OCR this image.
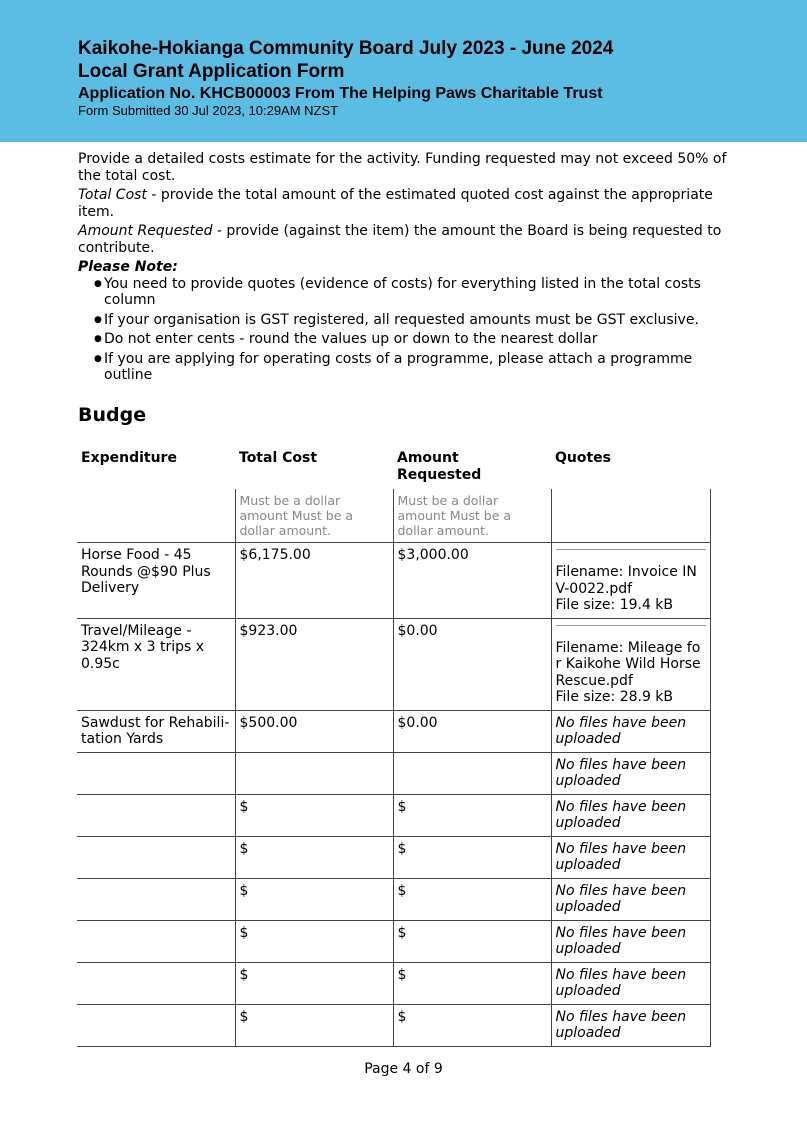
Kaikohe-Hokianga Community Board July 2023 - June 2024
Local Grant Application Form
Application No. KHCB00003 From The Helping Paws Charitable Trust
Form Submitted 30 Jul 2023, 10:29AM NZST

Provide a detailed costs estimate for the activity. Funding requested may not exceed 50% of the total cost.

Total Cost - provide the total amount of the estimated quoted cost against the appropriate item.

Amount Requested - provide (against the item) the amount the Board is being requested to contribute.

Please Note:
● You need to provide quotes (evidence of costs) for everything listed in the total costs column
● If your organisation is GST registered, all requested amounts must be GST exclusive.
● Do not enter cents - round the values up or down to the nearest dollar
● If you are applying for operating costs of a programme, please attach a programme outline
Budge
Expenditure	Total Cost	Amount Requested	Quotes
	Must be a dollar amount Must be a dollar amount.	Must be a dollar amount Must be a dollar amount.	
Horse Food - 45 Rounds @$90 Plus Delivery	$6,175.00	$3,000.00	Filename: Invoice INV-0022.pdf
File size: 19.4 kB

Travel/Mileage - 324km x 3 trips x 0.95c	$923.00	$0.00	Filename: Mileage for Kaikohe Wild Horse Rescue.pdf
File size: 28.9 kB

Sawdust for Rehabili-tation Yards	$500.00	$0.00	No files have been uploaded
			No files have been uploaded
	$	$	No files have been uploaded
	$	$	No files have been uploaded
	$	$	No files have been uploaded
	$	$	No files have been uploaded
	$	$	No files have been uploaded
	$	$	No files have been uploaded
Page 4 of 9
